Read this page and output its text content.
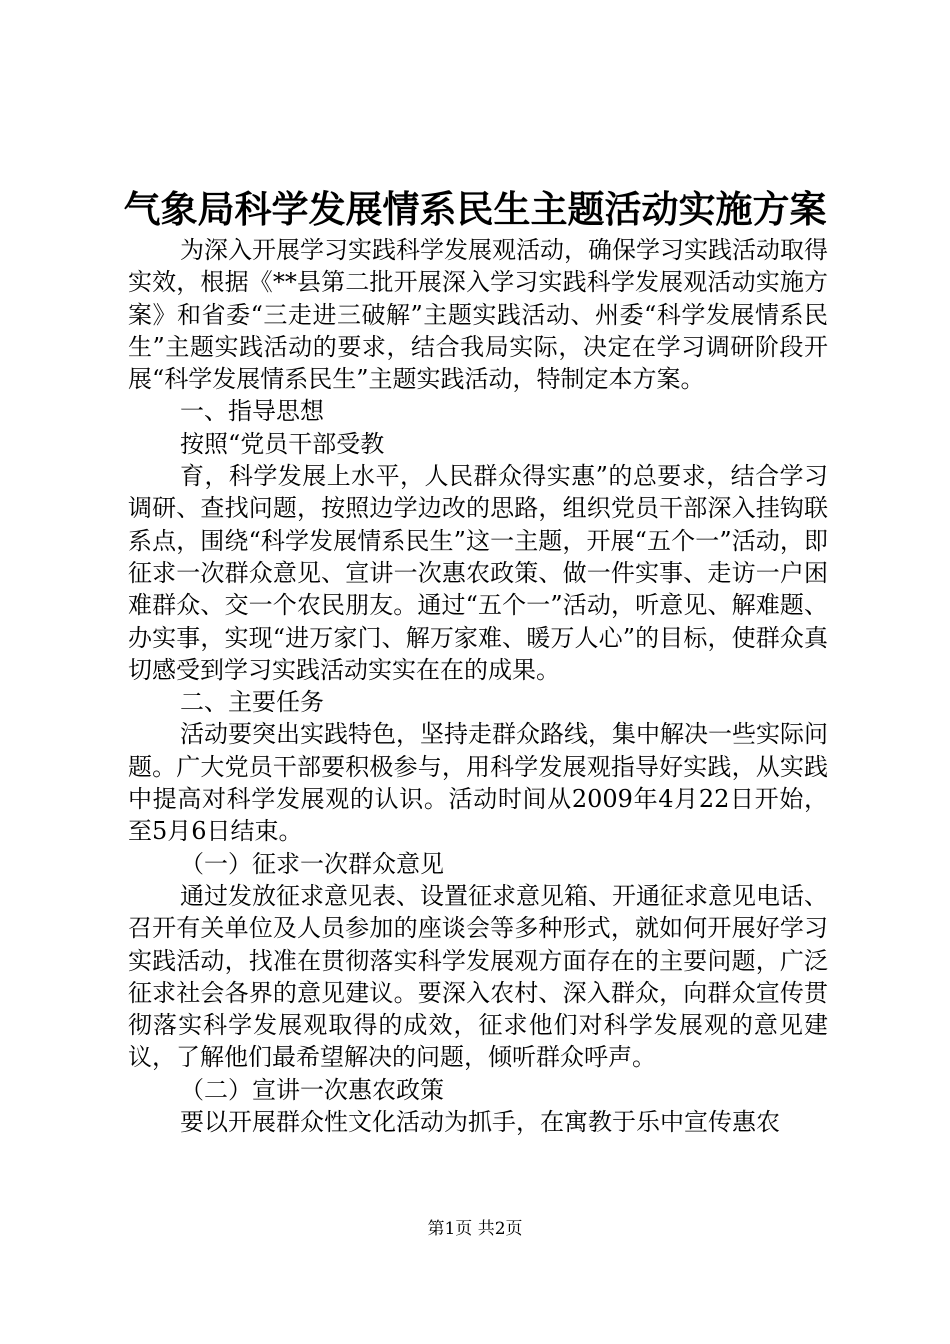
气象局科学发展情系民生主题活动实施方案

为深入开展学习实践科学发展观活动，确保学习实践活动取得实效，根据《**县第二批开展深入学习实践科学发展观活动实施方案》和省委“三走进三破解”主题实践活动、州委“科学发展情系民生”主题实践活动的要求，结合我局实际，决定在学习调研阶段开展“科学发展情系民生”主题实践活动，特制定本方案。

一、指导思想

按照“党员干部受教

育，科学发展上水平，人民群众得实惠”的总要求，结合学习调研、查找问题，按照边学边改的思路，组织党员干部深入挂钩联系点，围绕“科学发展情系民生”这一主题，开展“五个一”活动，即征求一次群众意见、宣讲一次惠农政策、做一件实事、走访一户困难群众、交一个农民朋友。通过“五个一”活动，听意见、解难题、办实事，实现“进万家门、解万家难、暖万人心”的目标，使群众真切感受到学习实践活动实实在在的成果。

二、主要任务

活动要突出实践特色，坚持走群众路线，集中解决一些实际问题。广大党员干部要积极参与，用科学发展观指导好实践，从实践中提高对科学发展观的认识。活动时间从2009年4月22日开始，至5月6日结束。

（一）征求一次群众意见

通过发放征求意见表、设置征求意见箱、开通征求意见电话、召开有关单位及人员参加的座谈会等多种形式，就如何开展好学习实践活动，找准在贯彻落实科学发展观方面存在的主要问题，广泛征求社会各界的意见建议。要深入农村、深入群众，向群众宣传贯彻落实科学发展观取得的成效，征求他们对科学发展观的意见建议，了解他们最希望解决的问题，倾听群众呼声。

（二）宣讲一次惠农政策

要以开展群众性文化活动为抓手，在寓教于乐中宣传惠农

第1页 共2页
